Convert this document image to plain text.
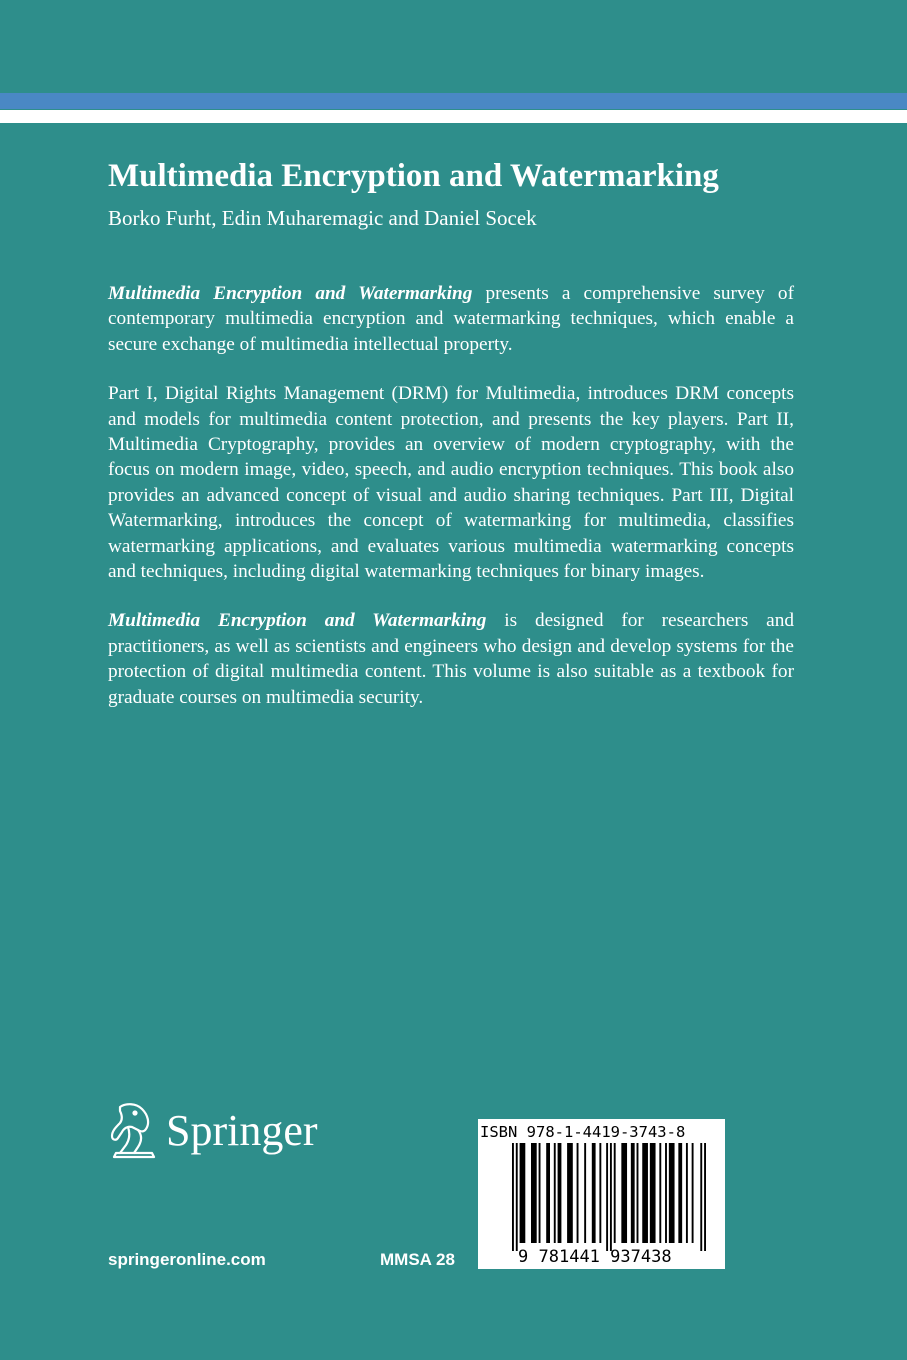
Multimedia Encryption and Watermarking
Borko Furht, Edin Muharemagic and Daniel Socek

Multimedia Encryption and Watermarking presents a comprehensive survey of contemporary multimedia encryption and watermarking techniques, which enable a secure exchange of multimedia intellectual property.

Part I, Digital Rights Management (DRM) for Multimedia, introduces DRM concepts and models for multimedia content protection, and presents the key players. Part II, Multimedia Cryptography, provides an overview of modern cryptography, with the focus on modern image, video, speech, and audio encryption techniques. This book also provides an advanced concept of visual and audio sharing techniques. Part III, Digital Watermarking, introduces the concept of watermarking for multimedia, classifies watermarking applications, and evaluates various multimedia watermarking concepts and techniques, including digital watermarking techniques for binary images.

Multimedia Encryption and Watermarking is designed for researchers and practitioners, as well as scientists and engineers who design and develop systems for the protection of digital multimedia content. This volume is also suitable as a textbook for graduate courses on multimedia security.

Springer
springeronline.com	MMSA 28
ISBN 978-1-4419-3743-8
9 781441 937438
